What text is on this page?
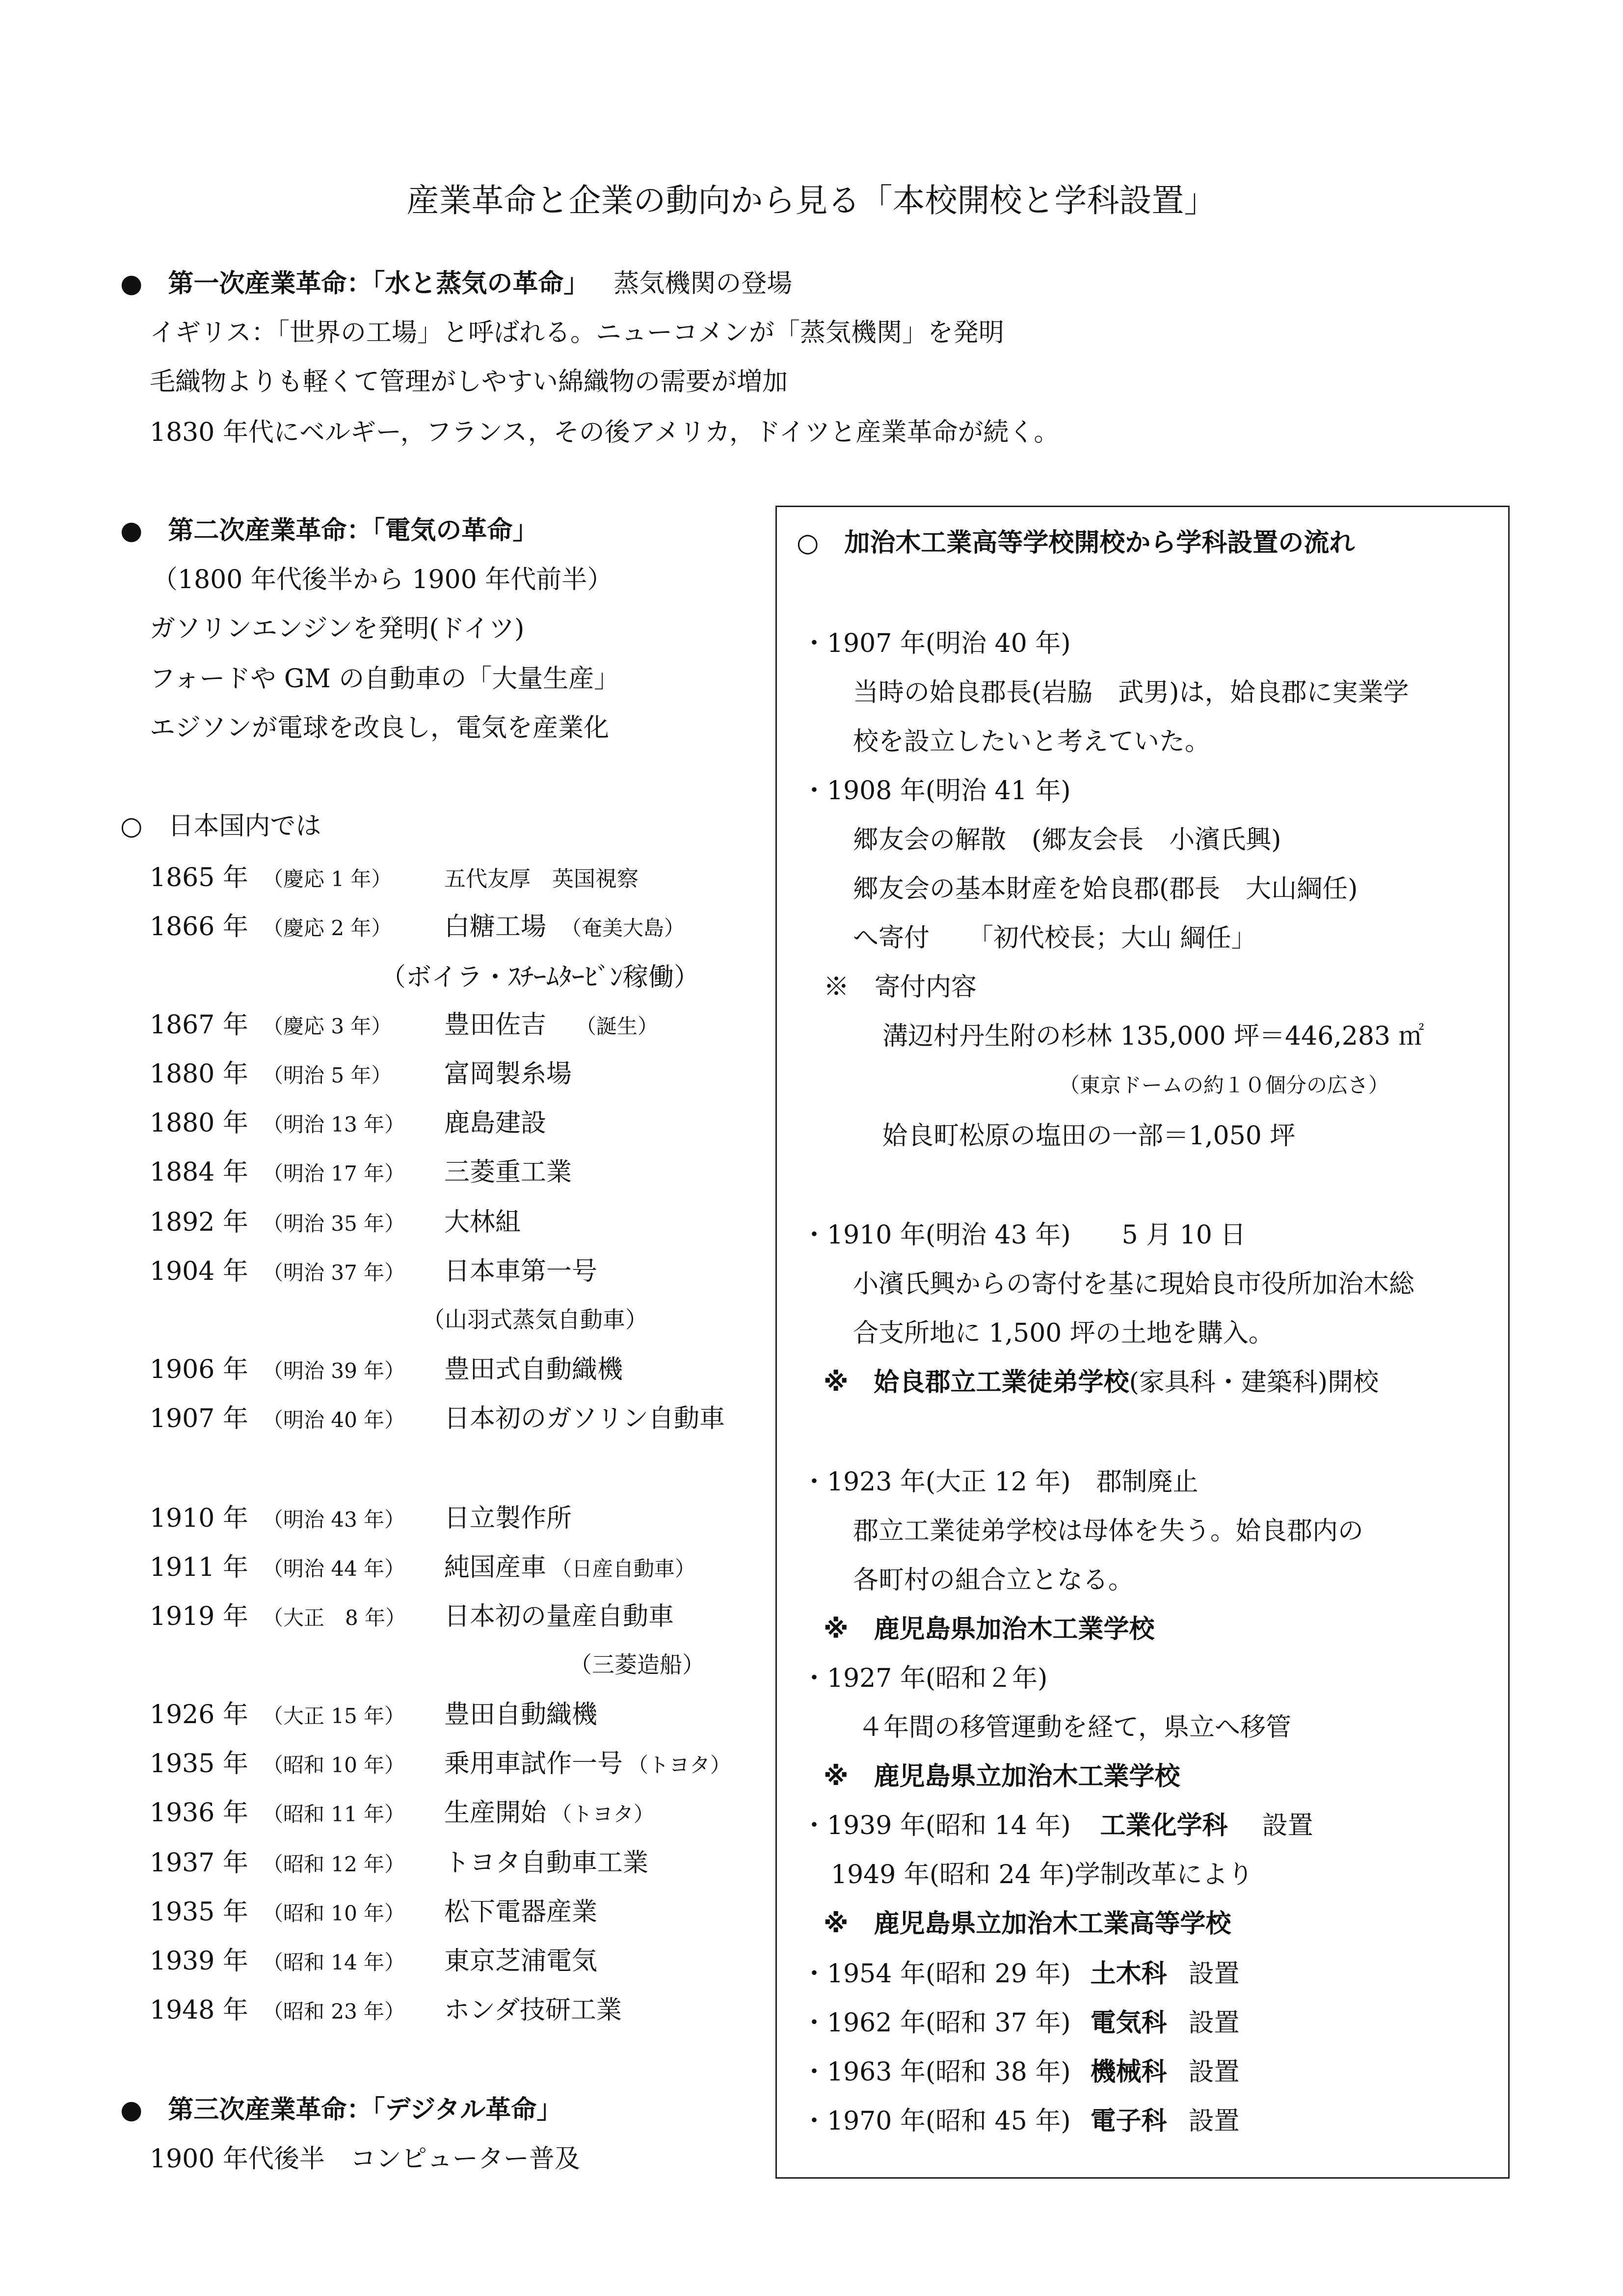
産業革命と企業の動向から見る「本校開校と学科設置」
●　第一次産業革命：「水と蒸気の革命」 蒸気機関の登場
イギリス：「世界の工場」と呼ばれる。ニューコメンが「蒸気機関」を発明
毛織物よりも軽くて管理がしやすい綿織物の需要が増加
1830 年代にベルギー，フランス，その後アメリカ，ドイツと産業革命が続く。
●　第二次産業革命：「電気の革命」
（1800 年代後半から 1900 年代前半）
ガソリンエンジンを発明(ドイツ)
フォードや GM の自動車の「大量生産」
エジソンが電球を改良し，電気を産業化
○　日本国内では
1865 年 （慶応 1 年） 五代友厚　英国視察
1866 年 （慶応 2 年） 白糖工場 （奄美大島）
（ボイラ・ｽﾁｰﾑﾀｰﾋﾞﾝ稼働）
1867 年 （慶応 3 年） 豊田佐吉 （誕生）
1880 年 （明治 5 年） 富岡製糸場
1880 年 （明治 13 年） 鹿島建設
1884 年 （明治 17 年） 三菱重工業
1892 年 （明治 35 年） 大林組
1904 年 （明治 37 年） 日本車第一号
（山羽式蒸気自動車）
1906 年 （明治 39 年） 豊田式自動織機
1907 年 （明治 40 年） 日本初のガソリン自動車
1910 年 （明治 43 年） 日立製作所
1911 年 （明治 44 年） 純国産車 （日産自動車）
1919 年 （大正　8 年） 日本初の量産自動車
（三菱造船）
1926 年 （大正 15 年） 豊田自動織機
1935 年 （昭和 10 年） 乗用車試作一号 （トヨタ）
1936 年 （昭和 11 年） 生産開始 （トヨタ）
1937 年 （昭和 12 年） トヨタ自動車工業
1935 年 （昭和 10 年） 松下電器産業
1939 年 （昭和 14 年） 東京芝浦電気
1948 年 （昭和 23 年） ホンダ技研工業
●　第三次産業革命：「デジタル革命」
1900 年代後半　コンピューター普及
○　加治木工業高等学校開校から学科設置の流れ
・1907 年(明治 40 年)
当時の姶良郡長(岩脇　武男)は，姶良郡に実業学
校を設立したいと考えていた。
・1908 年(明治 41 年)
郷友会の解散　(郷友会長　小濱氏興)
郷友会の基本財産を姶良郡(郡長　大山綱任)
へ寄付　　「初代校長；大山 綱任」
※　寄付内容
溝辺村丹生附の杉林 135,000 坪＝446,283 ㎡
（東京ドームの約１０個分の広さ）
姶良町松原の塩田の一部＝1,050 坪
・1910 年(明治 43 年)　　5 月 10 日
小濱氏興からの寄付を基に現姶良市役所加治木総
合支所地に 1,500 坪の土地を購入。
※　姶良郡立工業徒弟学校(家具科・建築科)開校
・1923 年(大正 12 年)　郡制廃止
郡立工業徒弟学校は母体を失う。姶良郡内の
各町村の組合立となる。
※　鹿児島県加治木工業学校
・1927 年(昭和２年)
４年間の移管運動を経て，県立へ移管
※　鹿児島県立加治木工業学校
・1939 年(昭和 14 年) 工業化学科 設置
1949 年(昭和 24 年)学制改革により
※　鹿児島県立加治木工業高等学校
・1954 年(昭和 29 年) 土木科 設置
・1962 年(昭和 37 年) 電気科 設置
・1963 年(昭和 38 年) 機械科 設置
・1970 年(昭和 45 年) 電子科 設置
